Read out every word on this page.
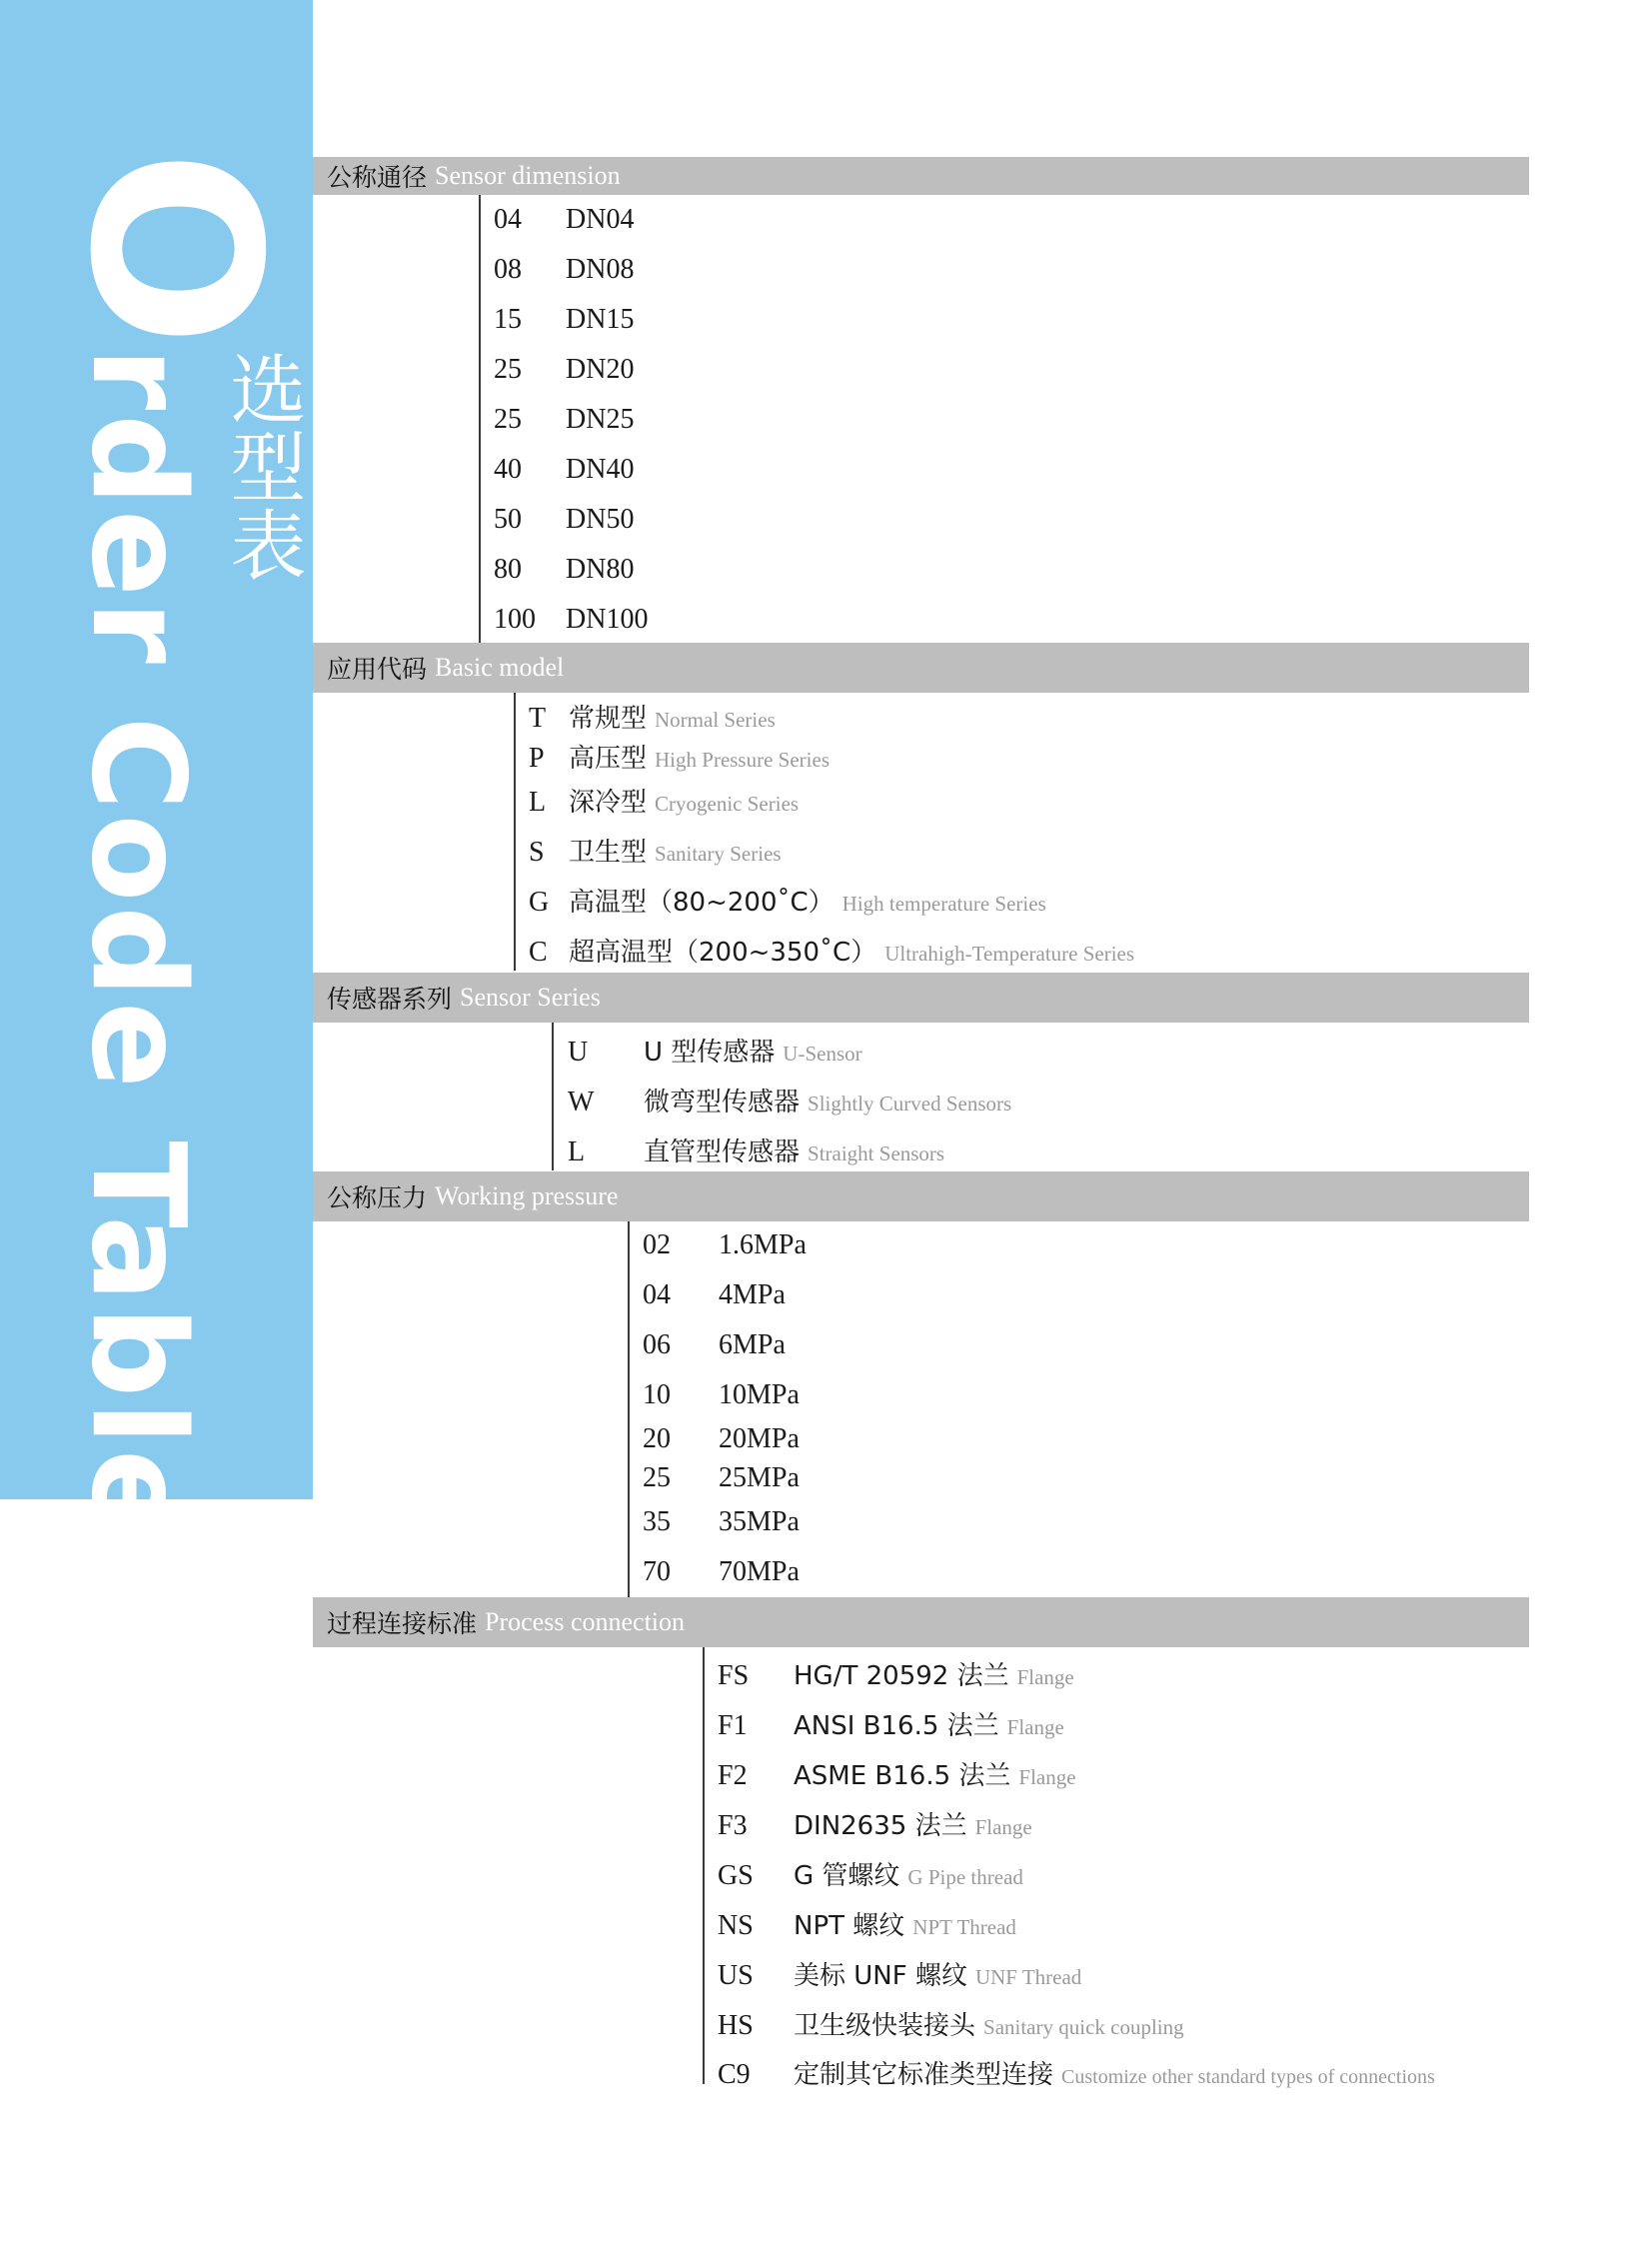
Order Code Table 选型表
公称通径 Sensor dimension
04	DN04
08	DN08
15	DN15
25	DN20
25	DN25
40	DN40
50	DN50
80	DN80
100	DN100
应用代码 Basic model
T 常规型 Normal Series
P 高压型 High Pressure Series
L 深冷型 Cryogenic Series
S 卫生型 Sanitary Series
G 高温型（80~200˚C） High temperature Series
C 超高温型（200~350˚C） Ultrahigh-Temperature Series
传感器系列 Sensor Series
U	U 型传感器 U-Sensor
W	微弯型传感器 Slightly Curved Sensors
L	直管型传感器 Straight Sensors
公称压力 Working pressure
02	1.6MPa
04	4MPa
06	6MPa
10	10MPa
20	20MPa
25	25MPa
35	35MPa
70	70MPa
过程连接标准 Process connection
FS	HG/T 20592 法兰 Flange
F1	ANSI B16.5 法兰 Flange
F2	ASME B16.5 法兰 Flange
F3	DIN2635 法兰 Flange
GS	G 管螺纹 G Pipe thread
NS	NPT 螺纹 NPT Thread
US	美标 UNF 螺纹 UNF Thread
HS	卫生级快装接头 Sanitary quick coupling
C9	定制其它标准类型连接 Customize other standard types of connections
